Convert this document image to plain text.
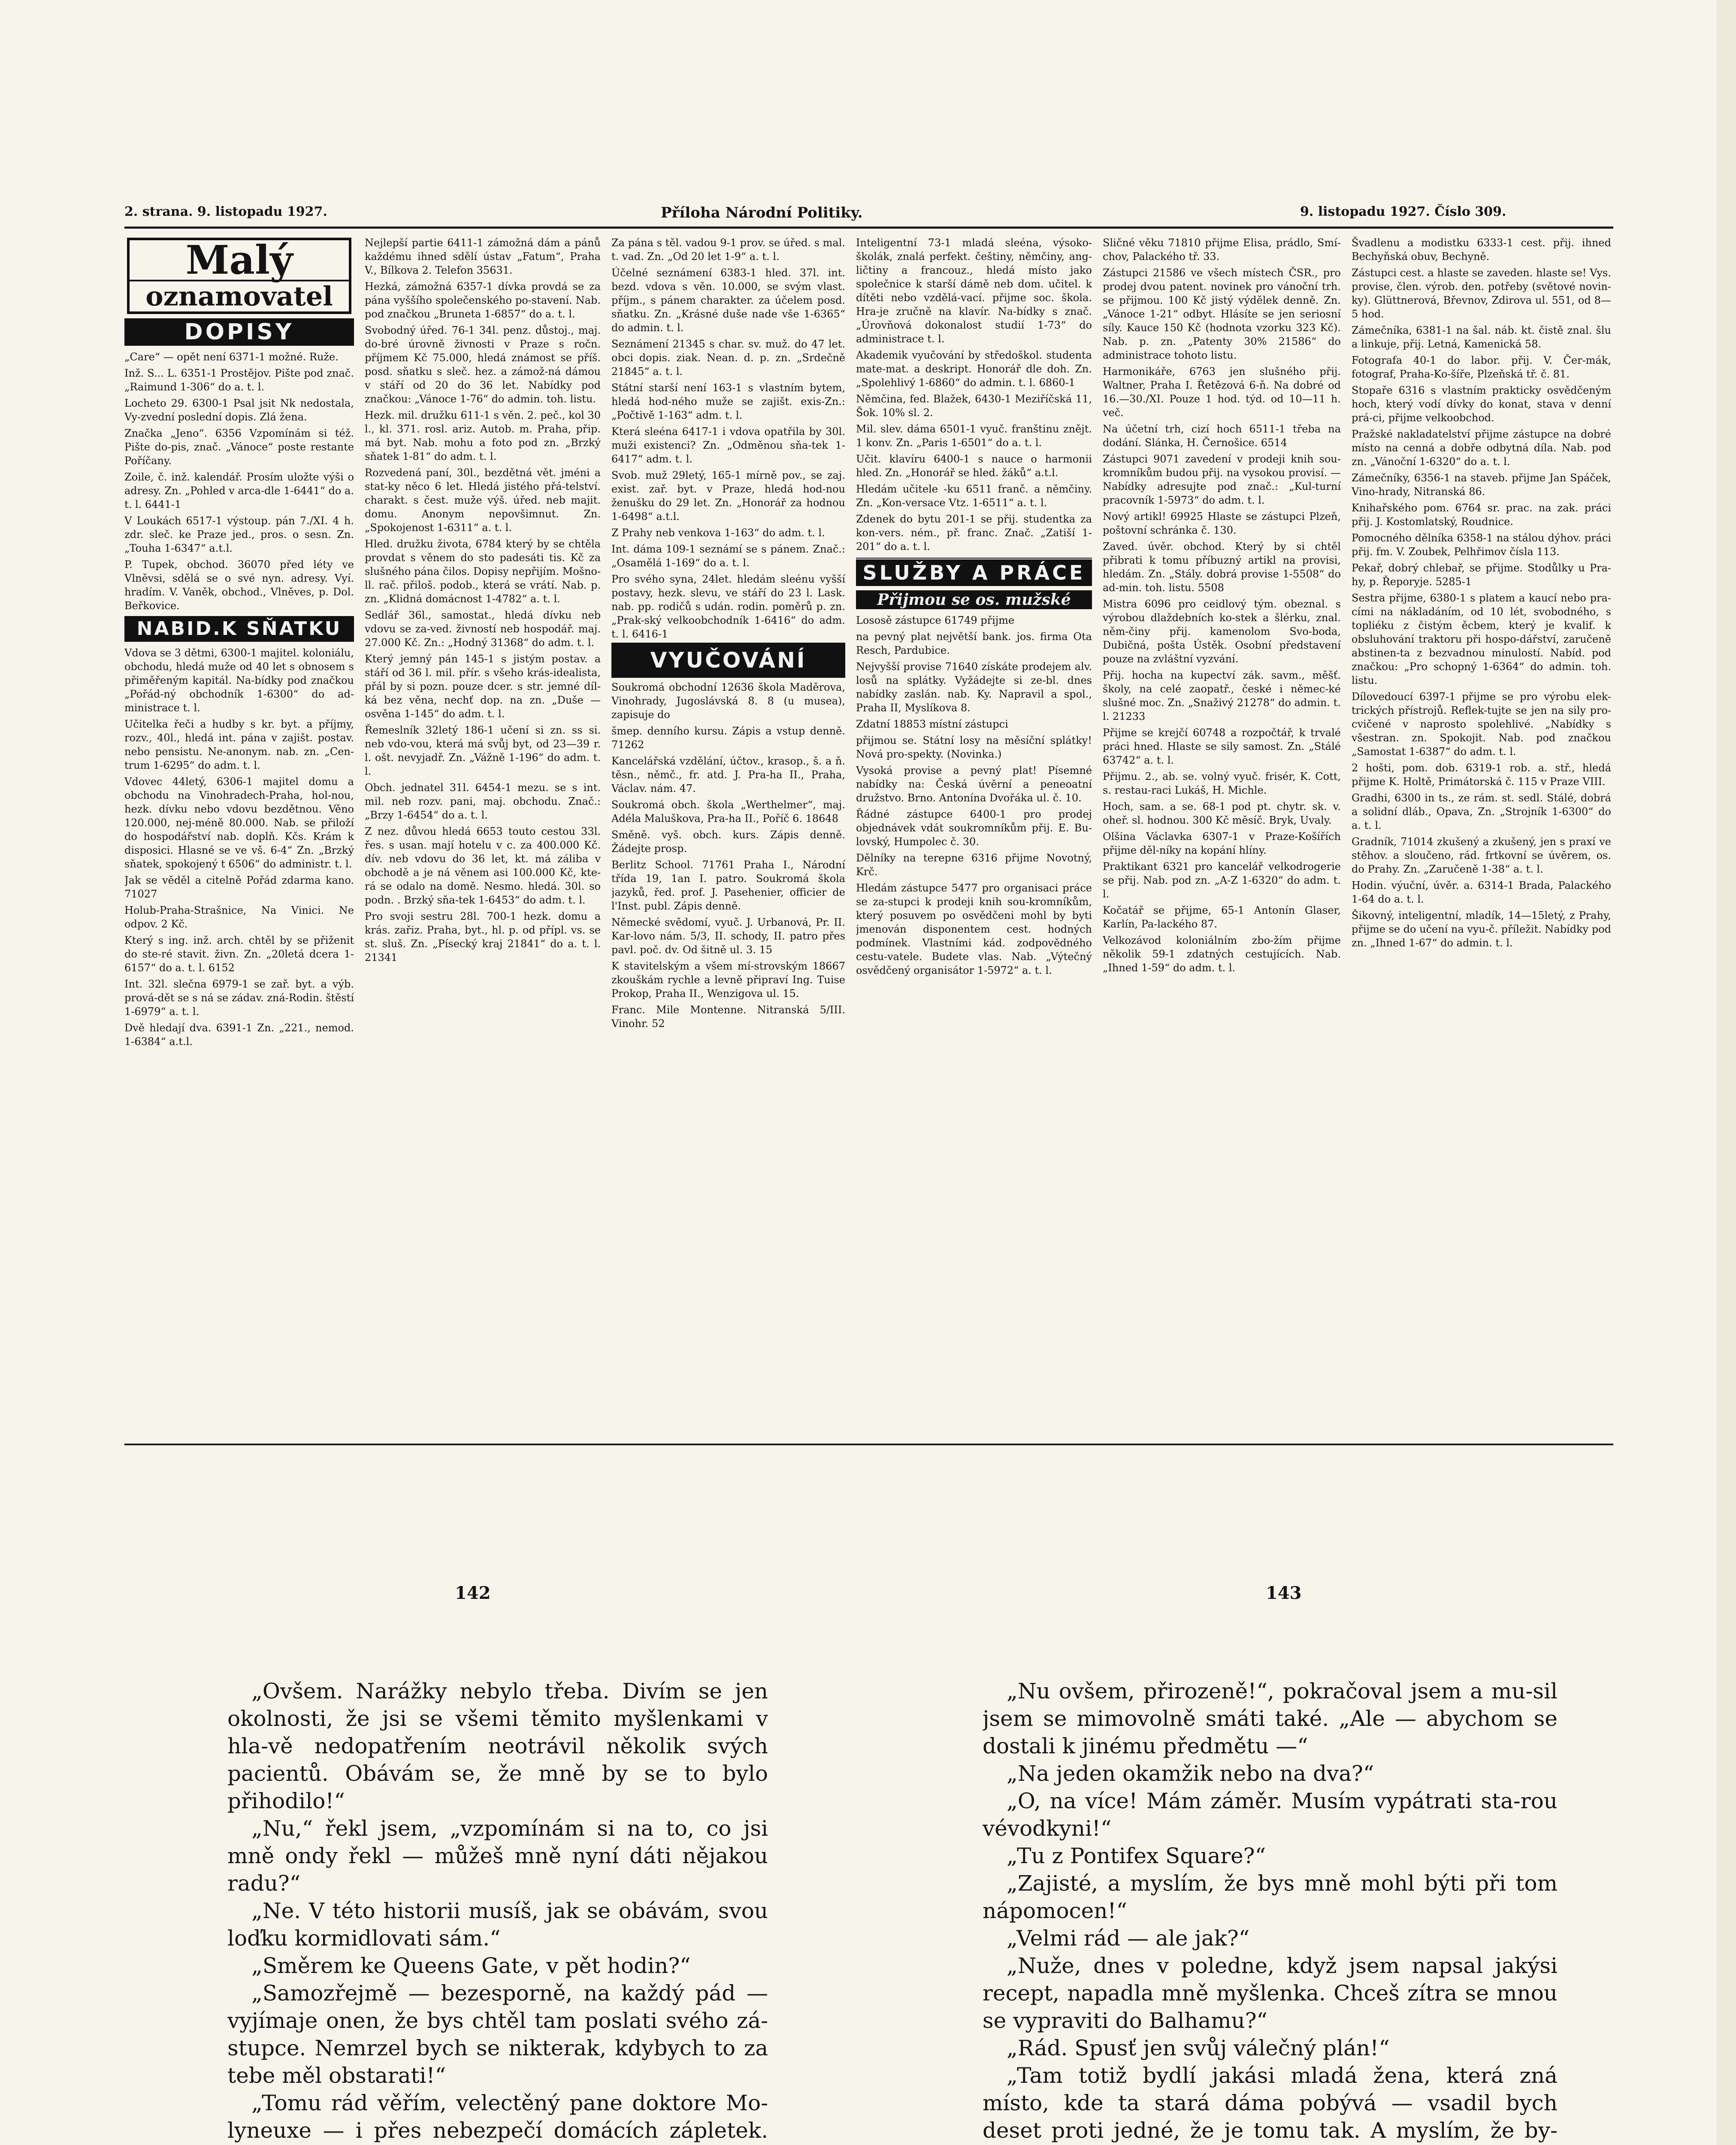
2. strana. 9. listopadu 1927.	Příloha Národní Politiky.	9. listopadu 1927. Číslo 309.
Malý
oznamovatel
DOPISY
„Care“ — opět není 6371-1 možné. Ruže.
Inž. S... L. 6351-1 Prostějov. Pište pod znač. „Raimund 1-306“ do a. t. l.
Locheto 29. 6300-1 Psal jsit Nk nedostala, Vy-zvední poslední dopis. Zlá žena.
Značka „Jeno“. 6356 Vzpomínám si též. Pište do-pis, znač. „Vánoce“ poste restante Poříčany.
Zoile, č. inž. kalendář. Prosím uložte výši o adresy. Zn. „Pohled v arca-dle 1-6441“ do a. t. l. 6441-1
V Loukách 6517-1 výstoup. pán 7./XI. 4 h. zdr. sleč. ke Praze jed., pros. o sesn. Zn. „Touha 1-6347“ a.t.l.
P. Tupek, obchod. 36070 před léty ve Vlněvsi, sdělá se o své nyn. adresy. Vyí. hradím. V. Vaněk, obchod., Vlněves, p. Dol. Beřkovice.
NABID.K SŇATKU
Vdova se 3 dětmi, 6300-1 majitel. koloniálu, obchodu, hledá muže od 40 let s obnosem s přiměřeným kapitál. Na-bídky pod značkou „Pořád-ný obchodník 1-6300“ do ad-ministrace t. l.
Učitelka řeči a hudby s kr. byt. a příjmy, rozv., 40l., hledá int. pána v zajišt. postav. nebo pensistu. Ne-anonym. nab. zn. „Cen-trum 1-6295“ do adm. t. l.
Vdovec 44letý, 6306-1 majitel domu a obchodu na Vinohradech-Praha, hol-nou, hezk. dívku nebo vdovu bezdětnou. Věno 120.000, nej-méně 80.000. Nab. se přiloží do hospodářství nab. doplň. Kčs. Krám k disposici. Hlasné se ve vš. 6-4“ Zn. „Brzký sňatek, spokojený t 6506“ do administr. t. l.
Jak se věděl a citelně Pořád zdarma kano. 71027
Holub-Praha-Strašnice, Na Vinici. Ne odpov. 2 Kč.
Který s ing. inž. arch. chtěl by se přiženit do ste-ré stavit. živn. Zn. „20letá dcera 1-6157“ do a. t. l. 6152
Int. 32l. slečna 6979-1 se zař. byt. a výb. prová-dět se s ná se zádav. zná-Rodin. štěstí 1-6979“ a. t. l.
Dvě hledají dva. 6391-1 Zn. „221., nemod. 1-6384“ a.t.l.
Nejlepší partie 6411-1 zámožná dám a pánů každému ihned sdělí ústav „Fatum“, Praha V., Bílkova 2. Telefon 35631.
Hezká, zámožná 6357-1 dívka provdá se za pána vyššího společenského po-stavení. Nab. pod značkou „Bruneta 1-6857“ do a. t. l.
Svobodný úřed. 76-1 34l. penz. důstoj., maj. do-bré úrovně živnosti v Praze s ročn. příjmem Kč 75.000, hledá známost se příš. posd. sňatku s sleč. hez. a zámož-ná dámou v stáří od 20 do 36 let. Nabídky pod značkou: „Vánoce 1-76“ do admin. toh. listu.
Hezk. mil. družku 611-1 s věn. 2. peč., kol 30 l., kl. 371. rosl. ariz. Autob. m. Praha, přip. má byt. Nab. mohu a foto pod zn. „Brzký sňatek 1-81“ do adm. t. l.
Rozvedená paní, 30l., bezdětná vět. jméni a stat-ky něco 6 let. Hledá jistého přá-telství. charakt. s čest. muže výš. úřed. neb majit. domu. Anonym nepovšimnut. Zn. „Spokojenost 1-6311“ a. t. l.
Hled. družku života, 6784 který by se chtěla provdat s věnem do sto padesáti tis. Kč za slušného pána čilos. Dopisy nepřijím. Mošno-ll. rač. přiloš. podob., která se vrátí. Nab. p. zn. „Klidná domácnost 1-4782“ a. t. l.
Sedlář 36l., samostat., hledá dívku neb vdovu se za-ved. živností neb hospodář. maj. 27.000 Kč. Zn.: „Hodný 31368“ do adm. t. l.
Který jemný pán 145-1 s jistým postav. a stáří od 36 l. mil. přír. s všeho krás-idealista, přál by si pozn. pouze dcer. s str. jemné díl-ká bez věna, nechť dop. na zn. „Duše — osvěna 1-145“ do adm. t. l.
Řemeslník 32letý 186-1 učení si zn. ss si. neb vdo-vou, která má svůj byt, od 23—39 r. l. ošt. nevyjadř. Zn. „Vážně 1-196“ do adm. t. l.
Obch. jednatel 31l. 6454-1 mezu. se s int. mil. neb rozv. pani, maj. obchodu. Znač.: „Brzy 1-6454“ do a. t. l.
Z nez. důvou hledá 6653 touto cestou 33l. řes. s usan. mají hotelu v c. za 400.000 Kč. dív. neb vdovu do 36 let, kt. má záliba v obchodě a je ná věnem asi 100.000 Kč, kte-rá se odalo na domě. Nesmo. hledá. 30l. so podn. . Brzký sňa-tek 1-6453“ do adm. t. l.
Pro svoji sestru 28l. 700-1 hezk. domu a krás. zařiz. Praha, byt., hl. p. od přípl. vs. se st. sluš. Zn. „Písecký kraj 21841“ do a. t. l. 21341
Za pána s těl. vadou 9-1 prov. se úřed. s mal. t. vad. Zn. „Od 20 let 1-9“ a. t. l.
Účelné seznámení 6383-1 hled. 37l. int. bezd. vdova s věn. 10.000, se svým vlast. příjm., s pánem charakter. za účelem posd. sňatku. Zn. „Krásné duše nade vše 1-6365“ do admin. t. l.
Seznámení 21345 s char. sv. muž. do 47 let. obci dopis. ziak. Nean. d. p. zn. „Srdečně 21845“ a. t. l.
Státní starší není 163-1 s vlastním bytem, hledá hod-ného muže se zajišt. exis-Zn.: „Počtivě 1-163“ adm. t. l.
Která sleéna 6417-1 i vdova opatřila by 30l. muži existenci? Zn. „Odměnou sňa-tek 1-6417“ adm. t. l.
Svob. muž 29letý, 165-1 mírně pov., se zaj. exist. zař. byt. v Praze, hledá hod-nou ženušku do 29 let. Zn. „Honorář za hodnou 1-6498“ a.t.l.
Z Prahy neb venkova 1-163“ do adm. t. l.
Int. dáma 109-1 seznámí se s pánem. Znač.: „Osamělá 1-169“ do a. t. l.
Pro svého syna, 24let. hledám sleénu vyšší postavy, hezk. slevu, ve stáří do 23 l. Lask. nab. pp. rodičů s udán. rodin. poměrů p. zn. „Prak-ský velkoobchodník 1-6416“ do adm. t. l. 6416-1
VYUČOVÁNÍ
Soukromá obchodní 12636 škola Maděrova, Vinohrady, Jugoslávská 8. 8 (u musea), zapisuje do
šmep. denního kursu. Zápis a vstup denně. 71262
Kancelářská vzdělání, účtov., krasop., š. a ň. těsn., němč., fr. atd. J. Pra-ha II., Praha, Václav. nám. 47.
Soukromá obch. škola „Werthelmer“, maj. Adéla Maluškova, Pra-ha II., Poříč 6. 18648
Směně. vyš. obch. kurs. Zápis denně. Žádejte prosp.
Berlitz School. 71761 Praha I., Národní třída 19, 1an I. patro. Soukromá škola jazyků, řed. prof. J. Pasehenier, officier de l'Inst. publ. Zápis denně.
Německé svědomí, vyuč. J. Urbanová, Pr. II. Kar-lovo nám. 5/3, II. schody, II. patro přes pavl. poč. dv. Od šitně ul. 3. 15
K stavitelským a všem mí-strovským 18667 zkouškám rychle a levně připraví Ing. Tuise Prokop, Praha II., Wenzigova ul. 15.
Franc. Mile Montenne. Nitranská 5/III. Vinohr. 52
Inteligentní 73-1 mladá sleéna, výsoko-školák, znalá perfekt. češtiny, němčiny, ang-ličtiny a francouz., hledá místo jako společnice k starší dámě neb dom. učitel. k dítěti nebo vzdělá-vací. přijme soc. škola. Hra-je zručně na klavír. Na-bídky s znač. „Úrovňová dokonalost studií 1-73“ do administrace t. l.
Akademik vyučování by středoškol. studenta mate-mat. a deskript. Honorář dle doh. Zn. „Spolehlivý 1-6860“ do admin. t. l. 6860-1
Němčina, fed. Blažek, 6430-1 Meziříčská 11, Šok. 10% sl. 2.
Mil. slev. dáma 6501-1 vyuč. franštinu znějt. 1 konv. Zn. „Paris 1-6501“ do a. t. l.
Učit. klavíru 6400-1 s nauce o harmonii hled. Zn. „Honorář se hled. žáků“ a.t.l.
Hledám učitele -ku 6511 franč. a němčiny. Zn. „Kon-versace Vtz. 1-6511“ a. t. l.
Zdenek do bytu 201-1 se přij. studentka za kon-vers. ném., př. franc. Znač. „Zatiší 1-201“ do a. t. l.
SLUŽBY A PRÁCE
Přijmou se os. mužské
Lososě zástupce 61749 přijme
na pevný plat největší bank. jos. firma Ota Resch, Pardubice.
Nejvyšší provise 71640 získáte prodejem alv. losů na splátky. Vyžádejte si ze-bl. dnes nabídky zaslán. nab. Ky. Napravil a spol., Praha II, Myslíkova 8.
Zdatní 18853 místní zástupci
přijmou se. Státní losy na měsíční splátky! Nová pro-spekty. (Novinka.)
Vysoká provise a pevný plat! Písemné nabídky na: Česká úvěrní a peneoatní družstvo. Brno. Antonína Dvořáka ul. č. 10.
Řádné zástupce 6400-1 pro prodej objednávek vdát soukromníkům přij. E. Bu-lovský, Humpolec č. 30.
Dělníky na terepne 6316 přijme Novotný, Krč.
Hledám zástupce 5477 pro organisaci práce se za-stupci k prodeji knih sou-kromníkům, který posuvem po osvědčeni mohl by byti jmenován disponentem cest. hodných podmínek. Vlastními kád. zodpovědného cestu-vatele. Budete vlas. Nab. „Výtečný osvědčený organisátor 1-5972“ a. t. l.
Sličné věku 71810 přijme Elisa, prádlo, Smí-chov, Palackého tř. 33.
Zástupci 21586 ve všech místech ČSR., pro prodej dvou patent. novinek pro vánoční trh. se přijmou. 100 Kč jistý výdělek denně. Zn. „Vánoce 1-21“ odbyt. Hlásíte se jen seriosní síly. Kauce 150 Kč (hodnota vzorku 323 Kč). Nab. p. zn. „Patenty 30% 21586“ do administrace tohoto listu.
Harmonikáře, 6763 jen slušného přij. Waltner, Praha I. Řetězová 6-ň. Na dobré od 16.—30./XI. Pouze 1 hod. týd. od 10—11 h. več.
Na účetní trh, cizí hoch 6511-1 třeba na dodání. Slánka, H. Černošice. 6514
Zástupci 9071 zavedení v prodeji knih sou-kromníkům budou přij. na vysokou provisí. — Nabídky adresujte pod znač.: „Kul-turní pracovník 1-5973“ do adm. t. l.
Nový artikl! 69925 Hlaste se zástupci Plzeň, poštovní schránka č. 130.
Zaved. úvěr. obchod. Který by si chtěl přibrati k tomu příbuzný artikl na provisi, hledám. Zn. „Stály. dobrá provise 1-5508“ do ad-min. toh. listu. 5508
Mistra 6096 pro ceidlový tým. obeznal. s výrobou dlaždebních ko-stek a šlérku, znal. něm-činy přij. kamenolom Svo-boda, Dubičná, pošta Ústěk. Osobní představení pouze na zvláštní vyzvání.
Přij. hocha na kupectví zák. savm., měšť. školy, na celé zaopatř., české i němec-ké slušné moc. Zn. „Snaživý 21278“ do admin. t. l. 21233
Přijme se krejčí 60748 a rozpočtář, k trvalé práci hned. Hlaste se sily samost. Zn. „Stálé 63742“ a. t. l.
Přijmu. 2., ab. se. volný vyuč. frisér, K. Cott, s. restau-raci Lukáš, H. Michle.
Hoch, sam. a se. 68-1 pod pt. chytr. sk. v. oheř. sl. hodnou. 300 Kč měsíč. Bryk, Uvaly.
Olšina Václavka 6307-1 v Praze-Košířích přijme děl-níky na kopání hlíny.
Praktikant 6321 pro kancelář velkodrogerie se přij. Nab. pod zn. „A-Z 1-6320“ do adm. t. l.
Kočatář se přijme, 65-1 Antonín Glaser, Karlín, Pa-lackého 87.
Velkozávod koloniálním zbo-žím přijme několik 59-1 zdatných cestujících. Nab. „Ihned 1-59“ do adm. t. l.
Švadlenu a modistku 6333-1 cest. přij. ihned Bechyňská obuv, Bechyně.
Zástupci cest. a hlaste se zaveden. hlaste se! Vys. provise, člen. výrob. den. potřeby (světové novin-ky). Glüttnerová, Břevnov, Zdirova ul. 551, od 8—5 hod.
Zámečníka, 6381-1 na šal. náb. kt. čistě znal. šlu a linkuje, přij. Letná, Kamenická 58.
Fotografa 40-1 do labor. přij. V. Čer-mák, fotograf, Praha-Ko-šíře, Plzeňská tř. č. 81.
Stopaře 6316 s vlastním prakticky osvědčeným hoch, který vodí dívky do konat, stava v denní prá-ci, přijme velkoobchod.
Pražské nakladatelství přijme zástupce na dobré místo na cenná a dobře odbytná díla. Nab. pod zn. „Vánoční 1-6320“ do a. t. l.
Zámečníky, 6356-1 na staveb. přijme Jan Spáček, Vino-hrady, Nitranská 86.
Knihařského pom. 6764 sr. prac. na zak. práci přij. J. Kostomlatský, Roudnice.
Pomocného dělníka 6358-1 na stálou dýhov. práci přij. fm. V. Zoubek, Pelhřimov čísla 113.
Pekař, dobrý chlebař, se přijme. Stodůlky u Pra-hy, p. Řeporyje. 5285-1
Sestra přijme, 6380-1 s platem a kaucí nebo pra-cími na nákladáním, od 10 lét, svobodného, s topliéku z čistým ěcbem, který je kvalif. k obsluhování traktoru při hospo-dářství, zaručeně abstinen-ta z bezvadnou minulostí. Nabíd. pod značkou: „Pro schopný 1-6364“ do admin. toh. listu.
Dílovedoucí 6397-1 přijme se pro výrobu elek-trických přístrojů. Reflek-tujte se jen na sily pro-cvičené v naprosto spolehlivé. „Nabídky s všestran. zn. Spokojit. Nab. pod značkou „Samostat 1-6387“ do adm. t. l.
2 hošti, pom. dob. 6319-1 rob. a. stř., hledá přijme K. Holtě, Primátorská č. 115 v Praze VIII.
Gradhi, 6300 in ts., ze rám. st. sedl. Stálé, dobrá a solidní dláb., Opava, Zn. „Strojník 1-6300“ do a. t. l.
Gradník, 71014 zkušený a zkušený, jen s praxí ve stěhov. a sloučeno, rád. frtkovní se úvěrem, os. do Prahy. Zn. „Zaručeně 1-38“ a. t. l.
Hodin. výuční, úvěr. a. 6314-1 Brada, Palackého 1-64 do a. t. l.
Šikovný, inteligentní, mladík, 14—15letý, z Prahy, přijme se do učení na vyu-č. příležit. Nabídky pod zn. „Ihned 1-67“ do admin. t. l.
142	143

„Ovšem. Narážky nebylo třeba. Divím se jen okolnosti, že jsi se všemi těmito myšlenkami v hla-vě nedopatřením neotrávil několik svých pacientů. Obávám se, že mně by se to bylo přihodilo!“

„Nu,“ řekl jsem, „vzpomínám si na to, co jsi mně ondy řekl — můžeš mně nyní dáti nějakou radu?“

„Ne. V této historii musíš, jak se obávám, svou loďku kormidlovati sám.“

„Směrem ke Queens Gate, v pět hodin?“

„Samozřejmě — bezesporně, na každý pád — vyjímaje onen, že bys chtěl tam poslati svého zá-stupce. Nemrzel bych se nikterak, kdybych to za tebe měl obstarati!“

„Tomu rád věřím, velectěný pane doktore Mo-lyneuxe — i přes nebezpečí domácích zápletek.

„Nu ovšem, přirozeně!“, pokračoval jsem a mu-sil jsem se mimovolně smáti také. „Ale — abychom se dostali k jinému předmětu —“

„Na jeden okamžik nebo na dva?“

„O, na více! Mám záměr. Musím vypátrati sta-rou vévodkyni!“

„Tu z Pontifex Square?“

„Zajisté, a myslím, že bys mně mohl býti při tom nápomocen!“

„Velmi rád — ale jak?“

„Nuže, dnes v poledne, když jsem napsal jakýsi recept, napadla mně myšlenka. Chceš zítra se mnou se vypraviti do Balhamu?“

„Rád. Spusť jen svůj válečný plán!“

„Tam totiž bydlí jakási mladá žena, která zná místo, kde ta stará dáma pobývá — vsadil bych deset proti jedné, že je tomu tak. A myslím, že by-
